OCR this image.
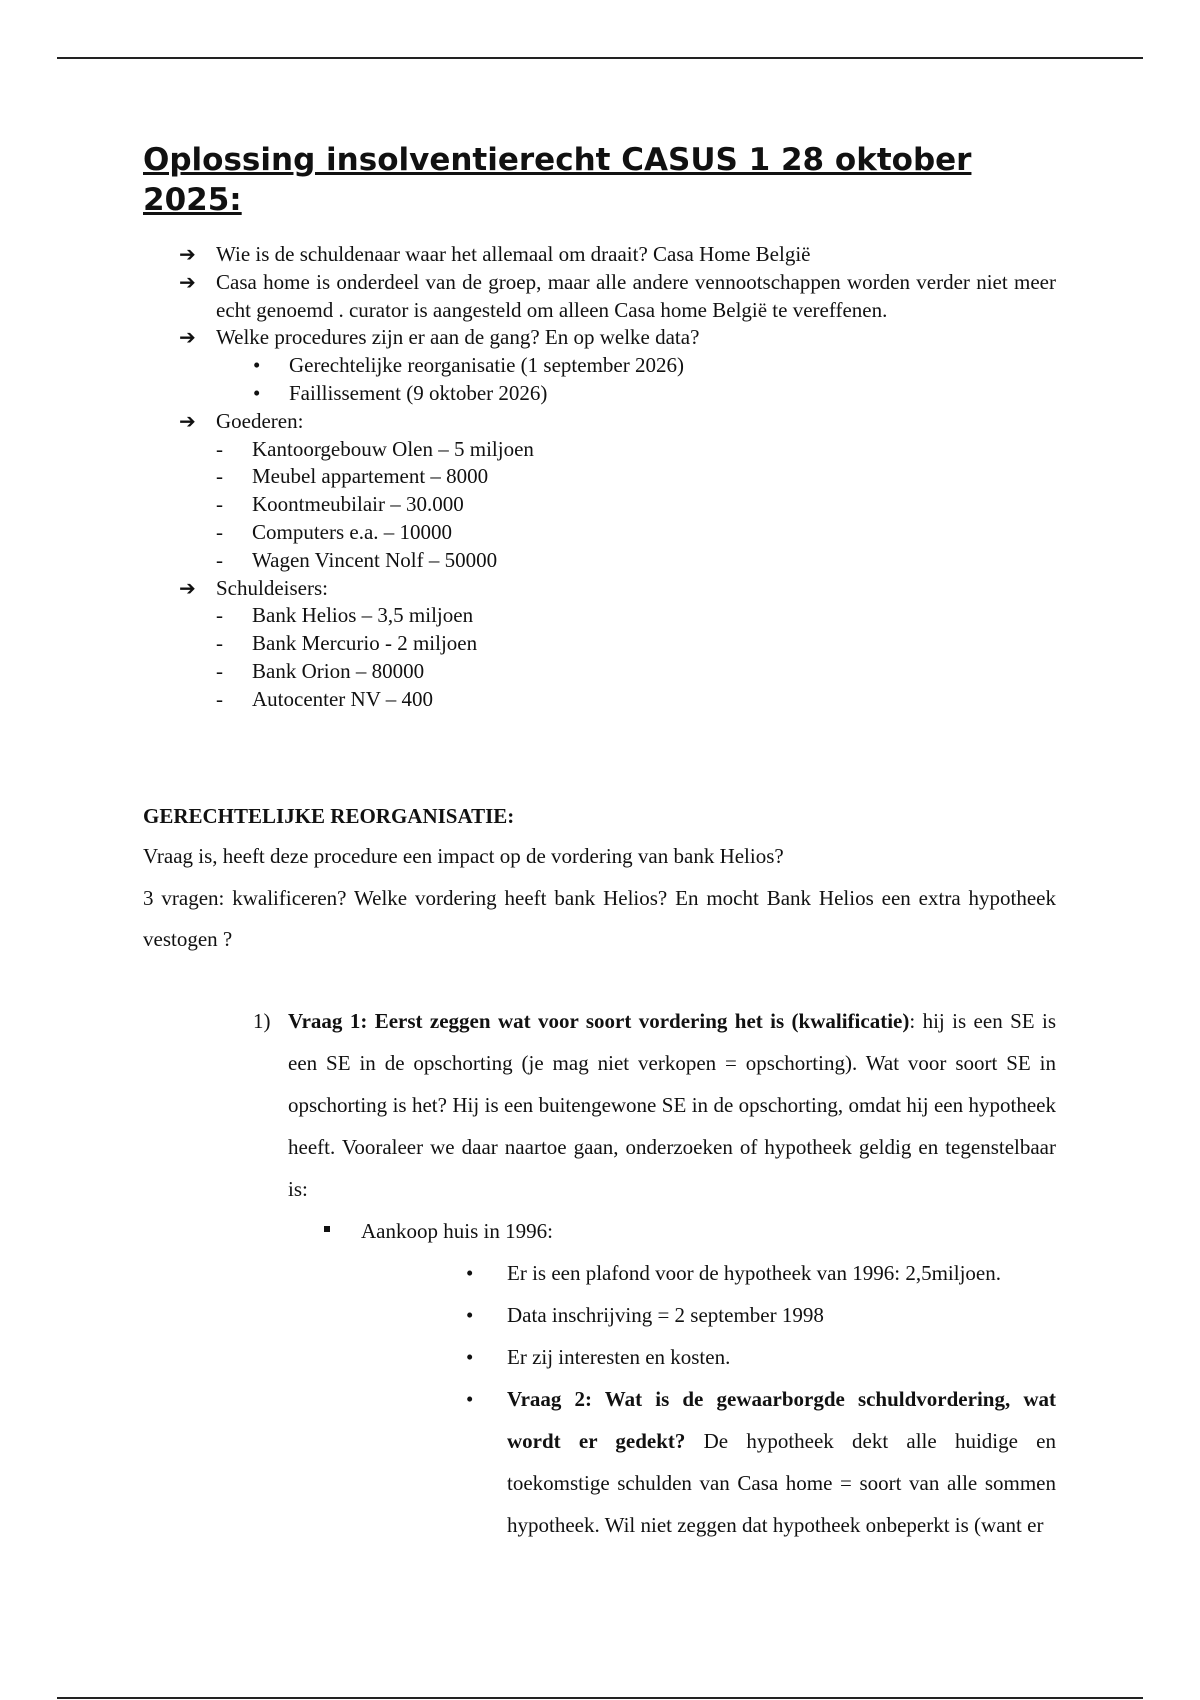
Oplossing insolventierecht CASUS 1 28 oktober 2025:
➔ Wie is de schuldenaar waar het allemaal om draait? Casa Home België
➔ Casa home is onderdeel van de groep, maar alle andere vennootschappen worden verder niet meer echt genoemd . curator is aangesteld om alleen Casa home België te vereffenen.
➔ Welke procedures zijn er aan de gang? En op welke data?
• Gerechtelijke reorganisatie (1 september 2026)
• Faillissement (9 oktober 2026)
➔ Goederen:
- Kantoorgebouw Olen – 5 miljoen
- Meubel appartement – 8000
- Koontmeubilair – 30.000
- Computers e.a. – 10000
- Wagen Vincent Nolf – 50000
➔ Schuldeisers:
- Bank Helios – 3,5 miljoen
- Bank Mercurio - 2 miljoen
- Bank Orion – 80000
- Autocenter NV – 400
GERECHTELIJKE REORGANISATIE:
Vraag is, heeft deze procedure een impact op de vordering van bank Helios?
3 vragen: kwalificeren? Welke vordering heeft bank Helios? En mocht Bank Helios een extra hypotheek vestogen ?
1) Vraag 1: Eerst zeggen wat voor soort vordering het is (kwalificatie): hij is een SE is een SE in de opschorting (je mag niet verkopen = opschorting). Wat voor soort SE in opschorting is het? Hij is een buitengewone SE in de opschorting, omdat hij een hypotheek heeft. Vooraleer we daar naartoe gaan, onderzoeken of hypotheek geldig en tegenstelbaar is:
Aankoop huis in 1996:
• Er is een plafond voor de hypotheek van 1996: 2,5miljoen.
• Data inschrijving = 2 september 1998
• Er zij interesten en kosten.
• Vraag 2: Wat is de gewaarborgde schuldvordering, wat wordt er gedekt? De hypotheek dekt alle huidige en toekomstige schulden van Casa home = soort van alle sommen hypotheek. Wil niet zeggen dat hypotheek onbeperkt is (want er
